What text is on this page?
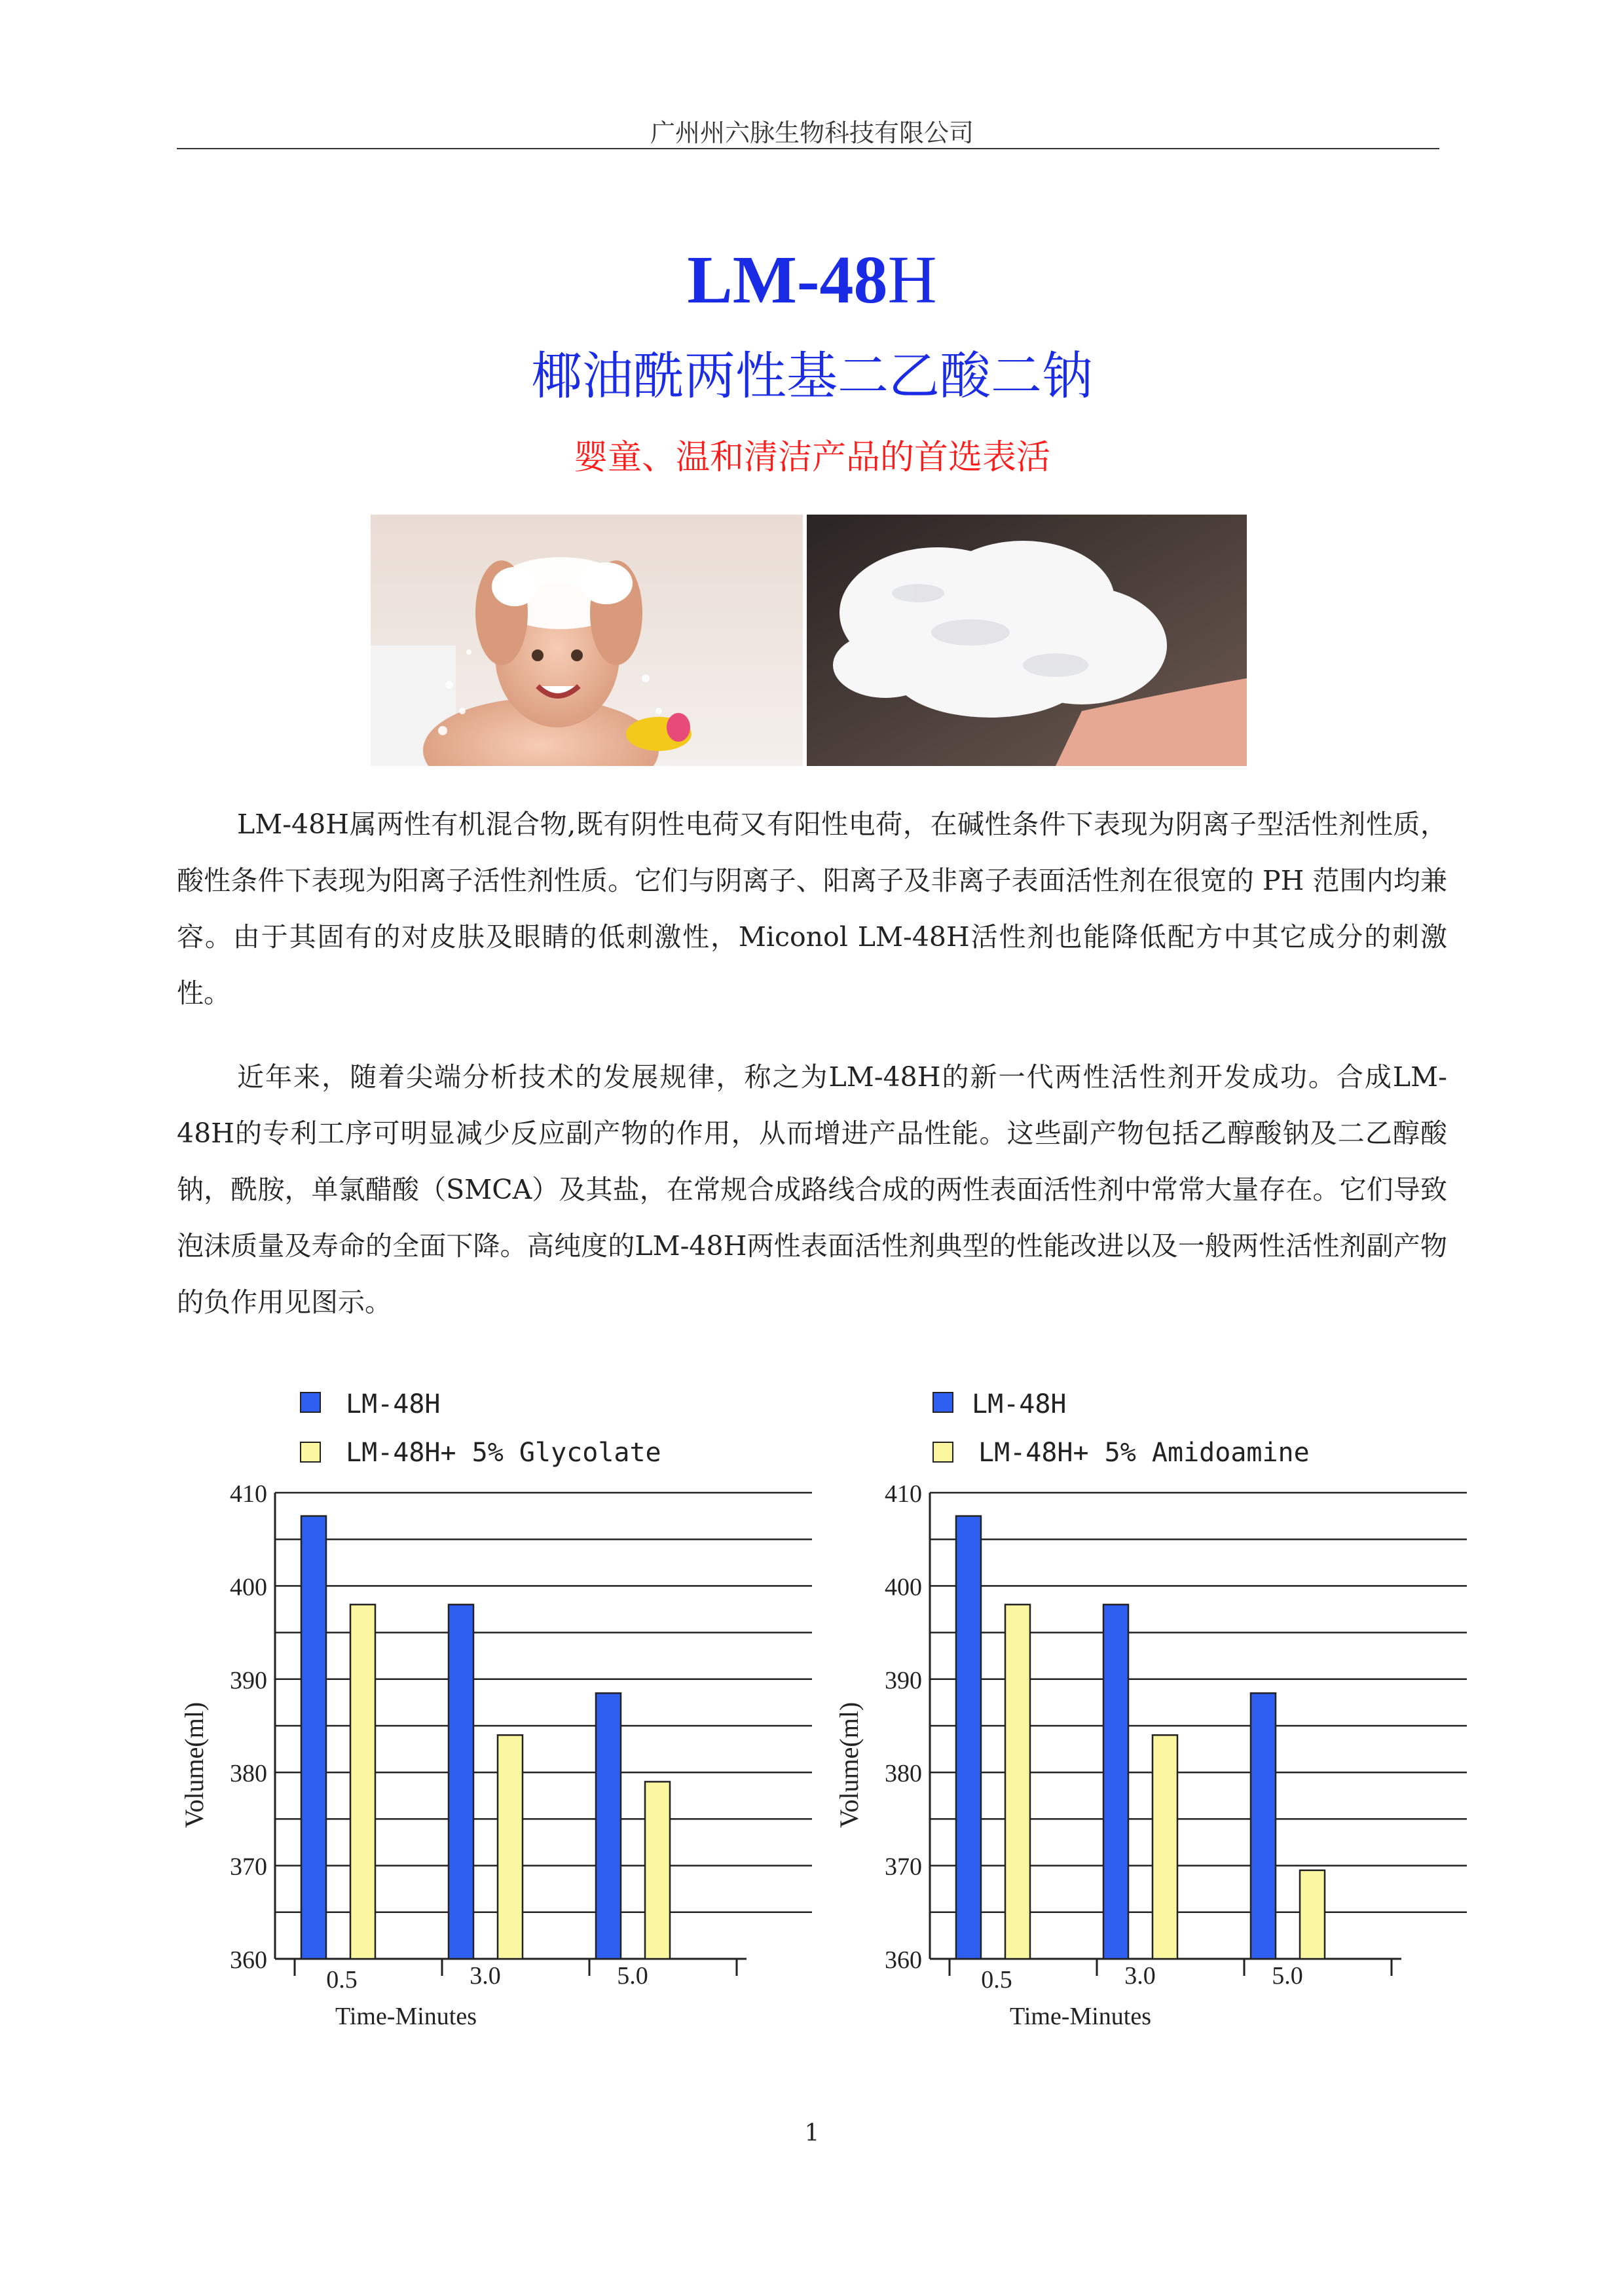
广州州六脉生物科技有限公司
LM-48H
椰油酰两性基二乙酸二钠
婴童、温和清洁产品的首选表活
LM-48H属两性有机混合物,既有阴性电荷又有阳性电荷，在碱性条件下表现为阴离子型活性剂性质，酸性条件下表现为阳离子活性剂性质。它们与阴离子、阳离子及非离子表面活性剂在很宽的 PH 范围内均兼容。由于其固有的对皮肤及眼睛的低刺激性，Miconol LM-48H活性剂也能降低配方中其它成分的刺激性。
近年来，随着尖端分析技术的发展规律，称之为LM-48H的新一代两性活性剂开发成功。合成LM-48H的专利工序可明显减少反应副产物的作用，从而增进产品性能。这些副产物包括乙醇酸钠及二乙醇酸钠，酰胺，单氯醋酸（SMCA）及其盐，在常规合成路线合成的两性表面活性剂中常常大量存在。它们导致泡沫质量及寿命的全面下降。高纯度的LM-48H两性表面活性剂典型的性能改进以及一般两性活性剂副产物的负作用见图示。
LM-48H
LM-48H+ 5% Glycolate
LM-48H
LM-48H+ 5% Amidoamine
360
370
380
390
400
410
Volume(ml)
0.5	3.0	5.0
Time-Minutes
360
370
380
390
400
410
Volume(ml)
0.5	3.0	5.0
Time-Minutes
1
